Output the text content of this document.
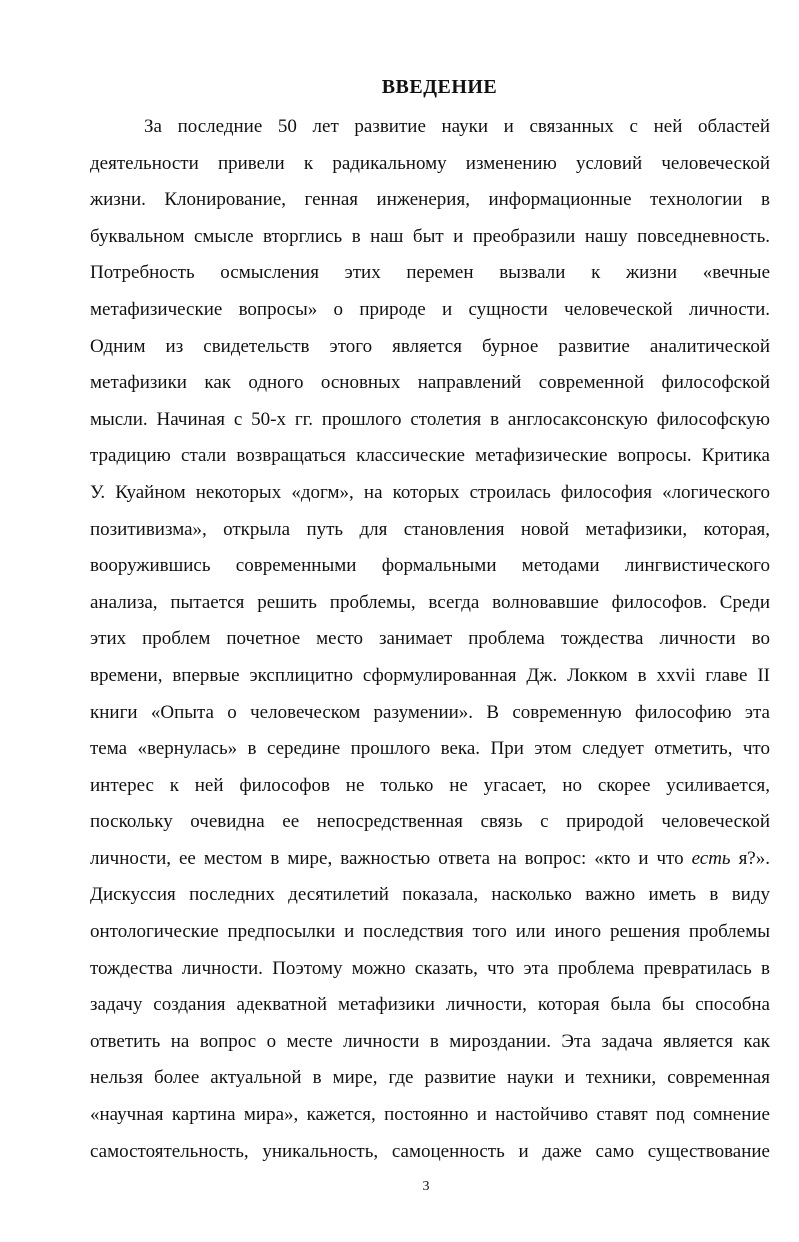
ВВЕДЕНИЕ
За последние 50 лет развитие науки и связанных с ней областей
деятельности привели к радикальному изменению условий человеческой
жизни. Клонирование, генная инженерия, информационные технологии в
буквальном смысле вторглись в наш быт и преобразили нашу повседневность.
Потребность осмысления этих перемен вызвали к жизни «вечные
метафизические вопросы» о природе и сущности человеческой личности.
Одним из свидетельств этого является бурное развитие аналитической
метафизики как одного основных направлений современной философской
мысли. Начиная с 50-х гг. прошлого столетия в англосаксонскую философскую
традицию стали возвращаться классические метафизические вопросы. Критика
У. Куайном некоторых «догм», на которых строилась философия «логического
позитивизма», открыла путь для становления новой метафизики, которая,
вооружившись современными формальными методами лингвистического
анализа, пытается решить проблемы, всегда волновавшие философов. Среди
этих проблем почетное место занимает проблема тождества личности во
времени, впервые эксплицитно сформулированная Дж. Локком в xxvii главе II
книги «Опыта о человеческом разумении». В современную философию эта
тема «вернулась» в середине прошлого века. При этом следует отметить, что
интерес к ней философов не только не угасает, но скорее усиливается,
поскольку очевидна ее непосредственная связь с природой человеческой
личности, ее местом в мире, важностью ответа на вопрос: «кто и что есть я?».
Дискуссия последних десятилетий показала, насколько важно иметь в виду
онтологические предпосылки и последствия того или иного решения проблемы
тождества личности. Поэтому можно сказать, что эта проблема превратилась в
задачу создания адекватной метафизики личности, которая была бы способна
ответить на вопрос о месте личности в мироздании. Эта задача является как
нельзя более актуальной в мире, где развитие науки и техники, современная
«научная картина мира», кажется, постоянно и настойчиво ставят под сомнение
самостоятельность, уникальность, самоценность и даже само существование
3
